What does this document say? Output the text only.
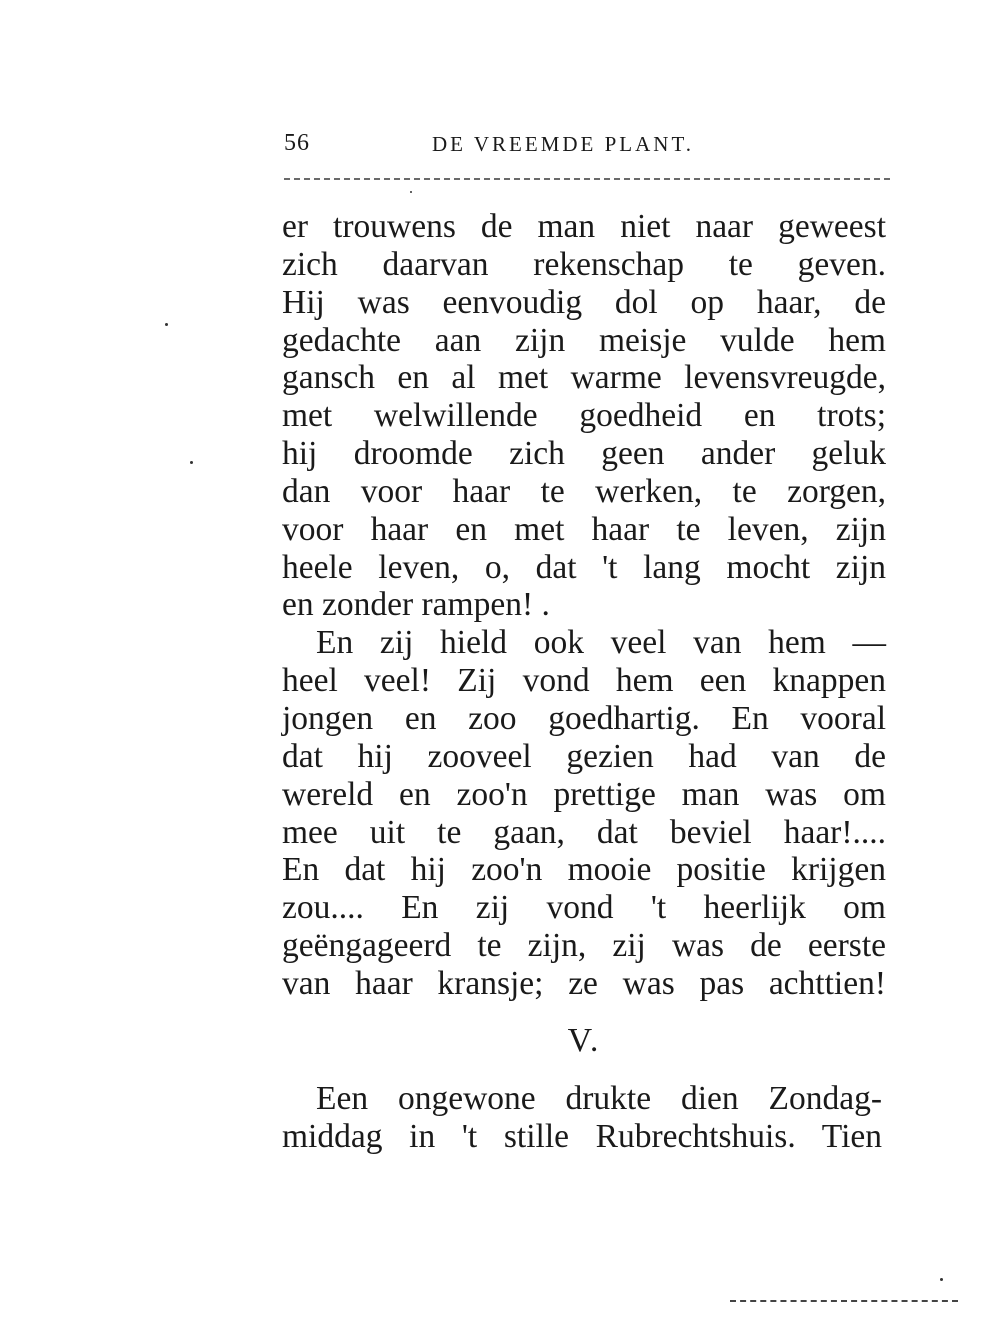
56	DE VREEMDE PLANT.
er trouwens de man niet naar geweest
zich daarvan rekenschap te geven.
Hij was eenvoudig dol op haar, de
gedachte aan zijn meisje vulde hem
gansch en al met warme levensvreugde,
met welwillende goedheid en trots;
hij droomde zich geen ander geluk
dan voor haar te werken, te zorgen,
voor haar en met haar te leven, zijn
heele leven, o, dat 't lang mocht zijn
en zonder rampen! .
En zij hield ook veel van hem —
heel veel! Zij vond hem een knappen
jongen en zoo goedhartig. En vooral
dat hij zooveel gezien had van de
wereld en zoo'n prettige man was om
mee uit te gaan, dat beviel haar!....
En dat hij zoo'n mooie positie krijgen
zou.... En zij vond 't heerlijk om
geëngageerd te zijn, zij was de eerste
van haar kransje; ze was pas achttien!
V.
Een ongewone drukte dien Zondag-
middag in 't stille Rubrechtshuis. Tien
